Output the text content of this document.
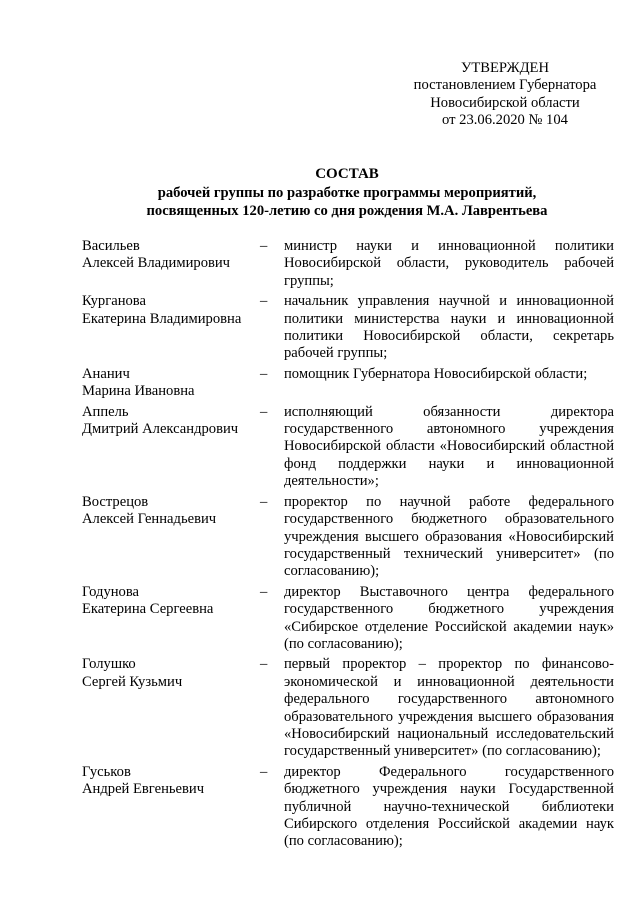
УТВЕРЖДЕН
постановлением Губернатора
Новосибирской области
от 23.06.2020 № 104
СОСТАВ
рабочей группы по разработке программы мероприятий,
посвященных 120-летию со дня рождения М.А. Лаврентьева
Васильев
Алексей Владимирович
–	министр науки и инновационной политики Новосибирской области, руководитель рабочей группы;
Курганова
Екатерина Владимировна
–	начальник управления научной и инновационной политики министерства науки и инновационной политики Новосибирской области, секретарь рабочей группы;
Ананич
Марина Ивановна
–	помощник Губернатора Новосибирской области;
Аппель
Дмитрий Александрович
–	исполняющий обязанности директора государственного автономного учреждения Новосибирской области «Новосибирский областной фонд поддержки науки и инновационной деятельности»;
Вострецов
Алексей Геннадьевич
–	проректор по научной работе федерального государственного бюджетного образовательного учреждения высшего образования «Новосибирский государственный технический университет» (по согласованию);
Годунова
Екатерина Сергеевна
–	директор Выставочного центра федерального государственного бюджетного учреждения «Сибирское отделение Российской академии наук» (по согласованию);
Голушко
Сергей Кузьмич
–	первый проректор – проректор по финансово-экономической и инновационной деятельности федерального государственного автономного образовательного учреждения высшего образования «Новосибирский национальный исследовательский государственный университет» (по согласованию);
Гуськов
Андрей Евгеньевич
–	директор Федерального государственного бюджетного учреждения науки Государственной публичной научно-технической библиотеки Сибирского отделения Российской академии наук (по согласованию);
